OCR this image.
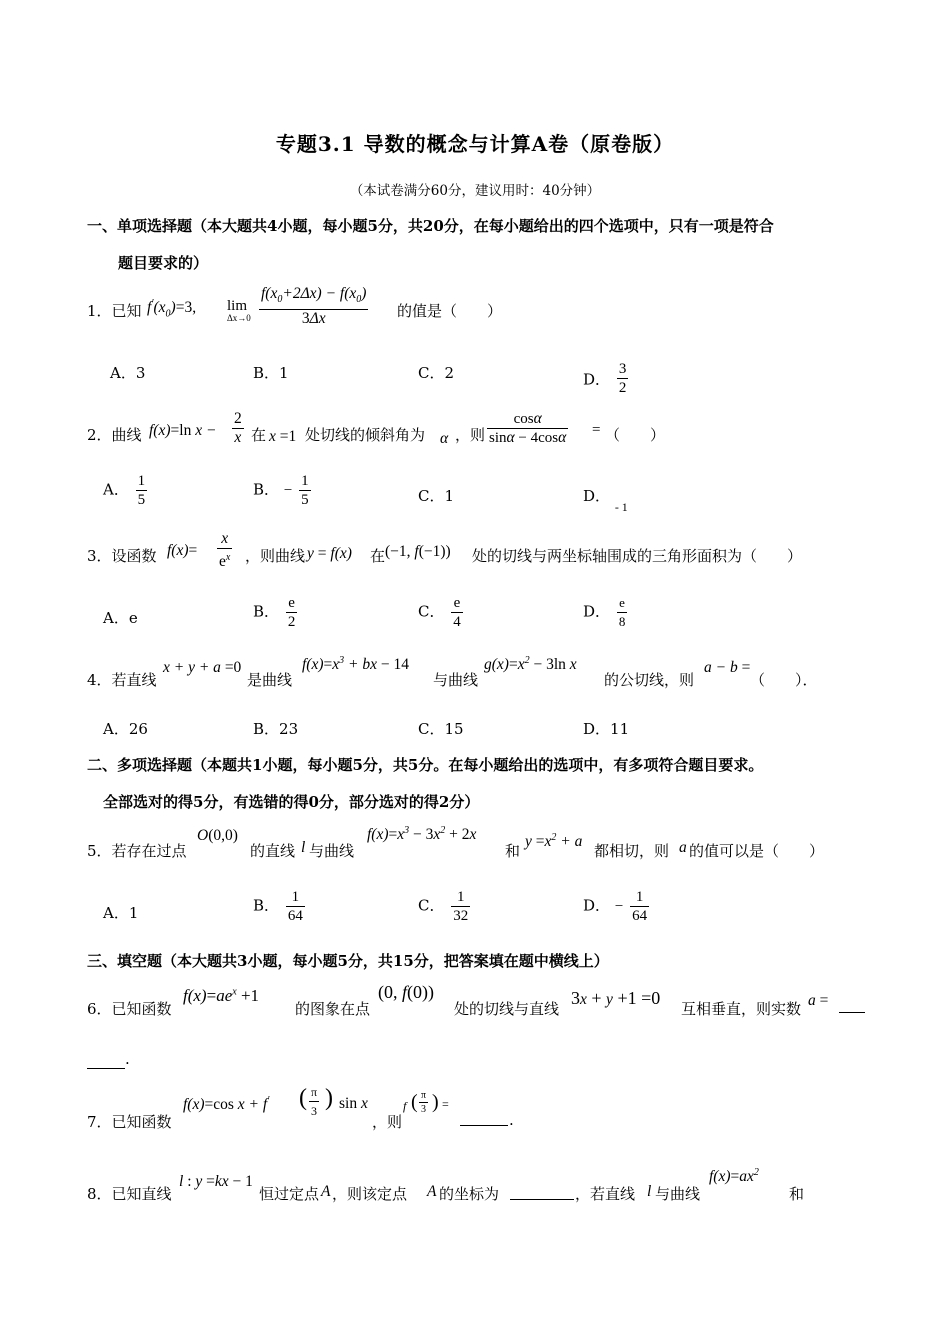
专题3.1 导数的概念与计算A卷（原卷版）
（本试卷满分60分，建议用时：40分钟）
一、单项选择题（本大题共4小题，每小题5分，共20分，在每小题给出的四个选项中，只有一项是符合
题目要求的）
1．已知 $f'(x_0)=3$, lim
$^{\Delta x\to 0} \frac{f(x_0+2\Delta x) - f(x_0)}{3\Delta x}$ 的值是（　　）
A．3	B．1	C．2	D． $\frac{3}{2}$
2．曲线 f(x)=ln $x - \frac{2}{x}$ 在 x =1 处切线的倾斜角为 α ，则 $\frac{\cos\alpha}{\sin\alpha - 4\cos\alpha}$ = （　　）
A． $\frac{1}{5}$	B． − $\frac{1}{5}$	C．1	D． $_{- 1}$
3．设函数 $f(x)= \frac{x}{e^x}$ ，则曲线 y = f(x) 在 (−1, f(−1)) 处的切线与两坐标轴围成的三角形面积为（　　）
A．e	B． $\frac{e}{2}$	C． $\frac{e}{4}$	D． $\frac{e}{8}$
4．若直线
x + y + a =0
是曲线
$f(x)=x^3$ + bx − 14
与曲线
$g(x)=x^2 - 3\ln$ x
的公切线，则
a − b =
（　　）．
A．26	B．23	C．15	D．11
二、多项选择题（本题共1小题，每小题5分，共5分。在每小题给出的选项中，有多项符合题目要求。
全部选对的得5分，有选错的得0分，部分选对的得2分）
5．若存在过点
O(0,0)
的直线 l 与曲线
$f(x)=x^3 - 3x^2 + 2x$
和
$y =x^2 + a$
都相切，则 a 的值可以是（　　）
A．1	B． $\frac{1}{64}$	C． $\frac{1}{32}$	D． − $\frac{1}{64}$
三、填空题（本大题共3小题，每小题5分，共15分，把答案填在题中横线上）
6．已知函数
$f(x)=ae^x +1$
的图象在点
(0, f(0))
处的切线与直线
3x + y +1 =0
互相垂直，则实数 a =
.
7．已知函数
f(x)=cos x + f′ ( $\frac{\pi}{3}$ ) sin x
，则
f ( $\frac{\pi}{3}$ ) =
.
8．已知直线
l : y =kx − 1
恒过定点 A ，则该定点 A 的坐标为	，若直线 l 与曲线
$f(x)=ax^2$
和
